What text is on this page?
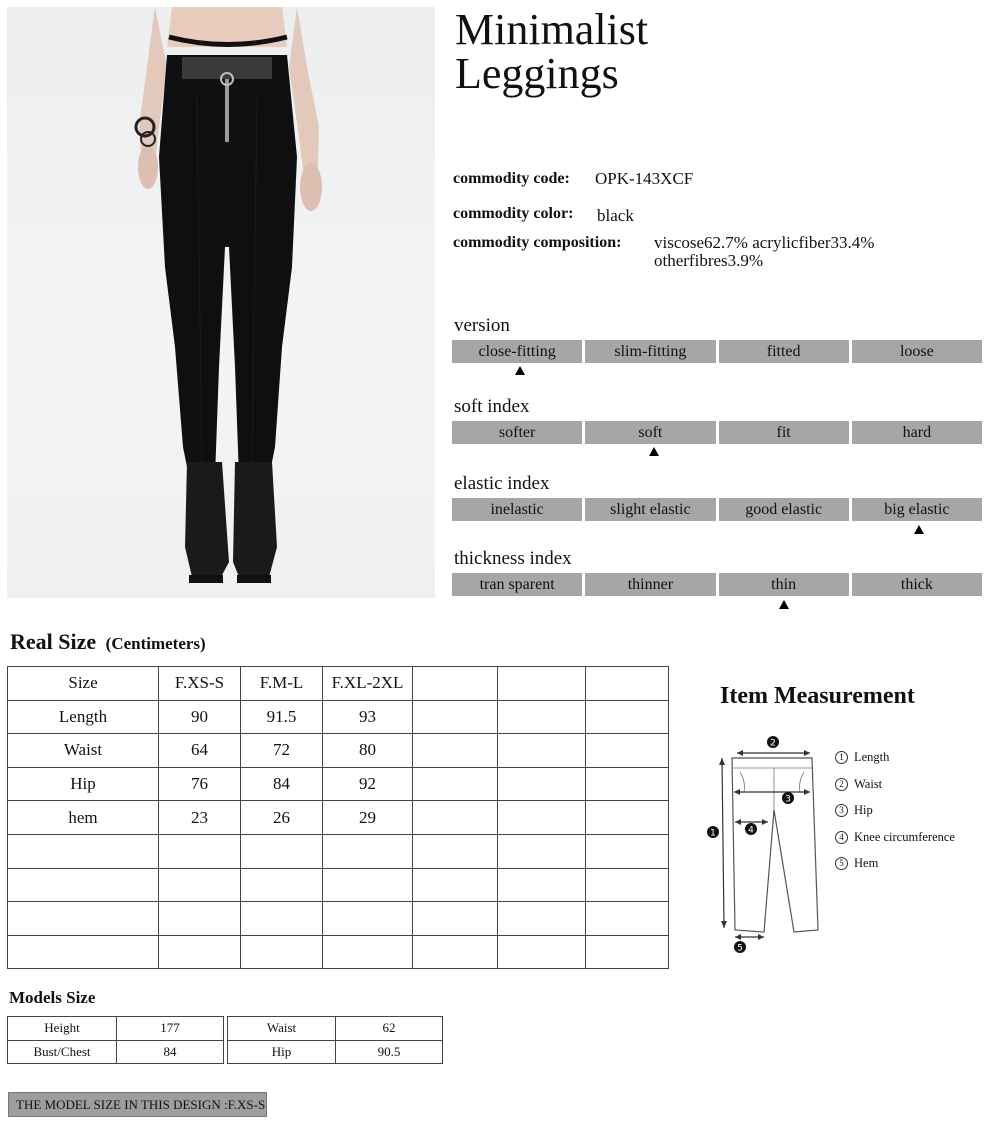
Minimalist
Leggings
commodity code: OPK-143XCF
commodity color: black
commodity composition: viscose62.7% acrylicfiber33.4%
otherfibres3.9%
version
close-fitting	slim-fitting	fitted	loose
soft index
softer	soft	fit	hard
elastic index
inelastic	slight elastic	good elastic	big elastic
thickness index
tran sparent	thinner	thin	thick
Real Size (Centimeters)
Size	F.XS-S	F.M-L	F.XL-2XL			
Length	90	91.5	93			
Waist	64	72	80			
Hip	76	84	92			
hem	23	26	29			

Item Measurement
2
3
4
1
5
1 Length
2 Waist
3 Hip
4 Knee circumference
5 Hem
Models Size
Height	177
Bust/Chest	84
Waist	62
Hip	90.5
THE MODEL SIZE IN THIS DESIGN :F.XS-S
